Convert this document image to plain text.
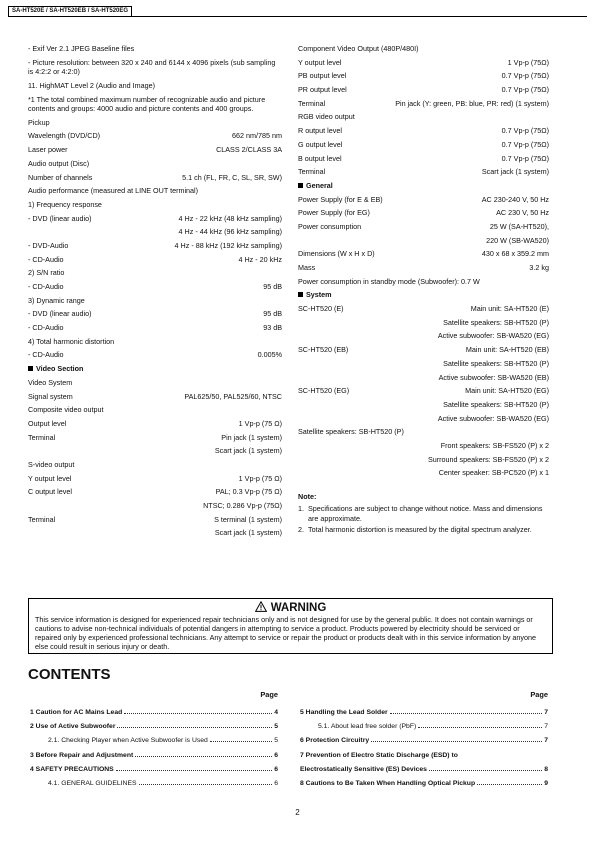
SA-HT520E / SA-HT520EB / SA-HT520EG
- Exif Ver 2.1 JPEG Baseline files
- Picture resolution: between 320 x 240 and 6144 x 4096 pixels (sub sampling is 4:2:2 or 4:2:0)
11. HighMAT Level 2 (Audio and Image)
*1 The total combined maximum number of recognizable audio and picture contents and groups: 4000 audio and picture contents and 400 groups.
Pickup
Wavelength (DVD/CD)	662 nm/785 nm
Laser power	CLASS 2/CLASS 3A
Audio output (Disc)
Number of channels	5.1 ch (FL, FR, C, SL, SR, SW)
Audio performance (measured at LINE OUT terminal)
1) Frequency response
- DVD (linear audio)	4 Hz - 22 kHz (48 kHz sampling)
4 Hz - 44 kHz (96 kHz sampling)
- DVD-Audio	4 Hz - 88 kHz (192 kHz sampling)
- CD-Audio	4 Hz - 20 kHz
2) S/N ratio
- CD-Audio	95 dB
3) Dynamic range
- DVD (linear audio)	95 dB
- CD-Audio	93 dB
4) Total harmonic distortion
- CD-Audio	0.005%
Video Section
Video System
Signal system	PAL625/50, PAL525/60, NTSC
Composite video output
Output level	1 Vp-p (75 Ω)
Terminal	Pin jack (1 system)
Scart jack (1 system)
S-video output
Y output level	1 Vp-p (75 Ω)
C output level	PAL; 0.3 Vp-p (75 Ω)
NTSC; 0.286 Vp-p (75Ω)
Terminal	S terminal (1 system)
Scart jack (1 system)
Component Video Output (480P/480I)
Y output level	1 Vp-p (75Ω)
PB output level	0.7 Vp-p (75Ω)
PR output level	0.7 Vp-p (75Ω)
Terminal	Pin jack (Y: green, PB: blue, PR: red) (1 system)
RGB video output
R output level	0.7 Vp-p (75Ω)
G output level	0.7 Vp-p (75Ω)
B output level	0.7 Vp-p (75Ω)
Terminal	Scart jack (1 system)
General
Power Supply (for E & EB)	AC 230-240 V, 50 Hz
Power Supply (for EG)	AC 230 V, 50 Hz
Power consumption	25 W (SA-HT520),
220 W (SB-WA520)
Dimensions (W x H x D)	430 x 68 x 359.2 mm
Mass	3.2 kg
Power consumption in standby mode (Subwoofer): 0.7 W
System
SC-HT520 (E)	Main unit: SA-HT520 (E)
Satellite speakers: SB-HT520 (P)
Active subwoofer: SB-WA520 (EG)
SC-HT520 (EB)	Main unit: SA-HT520 (EB)
Satellite speakers: SB-HT520 (P)
Active subwoofer: SB-WA520 (EB)
SC-HT520 (EG)	Main unit: SA-HT520 (EG)
Satellite speakers: SB-HT520 (P)
Active subwoofer: SB-WA520 (EG)
Satellite speakers: SB-HT520 (P)
Front speakers: SB-FS520 (P) x 2
Surround speakers: SB-FS520 (P) x 2
Center speaker: SB-PC520 (P) x 1
Note:
1. Specifications are subject to change without notice. Mass and dimensions are approximate.
2. Total harmonic distortion is measured by the digital spectrum analyzer.
WARNING
This service information is designed for experienced repair technicians only and is not designed for use by the general public. It does not contain warnings or cautions to advise non-technical individuals of potential dangers in attempting to service a product. Products powered by electricity should be serviced or repaired only by experienced professional technicians. Any attempt to service or repair the product or products dealt with in this service information by anyone else could result in serious injury or death.
CONTENTS
Page
1 Caution for AC Mains Lead	4
2 Use of Active Subwoofer	5
2.1. Checking Player when Active Subwoofer is Used	5
3 Before Repair and Adjustment	6
4 SAFETY PRECAUTIONS	6
4.1. GENERAL GUIDELINES	6
Page
5 Handling the Lead Solder	7
5.1. About lead free solder (PbF)	7
6 Protection Circuitry	7
7 Prevention of Electro Static Discharge (ESD) to
Electrostatically Sensitive (ES) Devices	8
8 Cautions to Be Taken When Handling Optical Pickup	9
2
